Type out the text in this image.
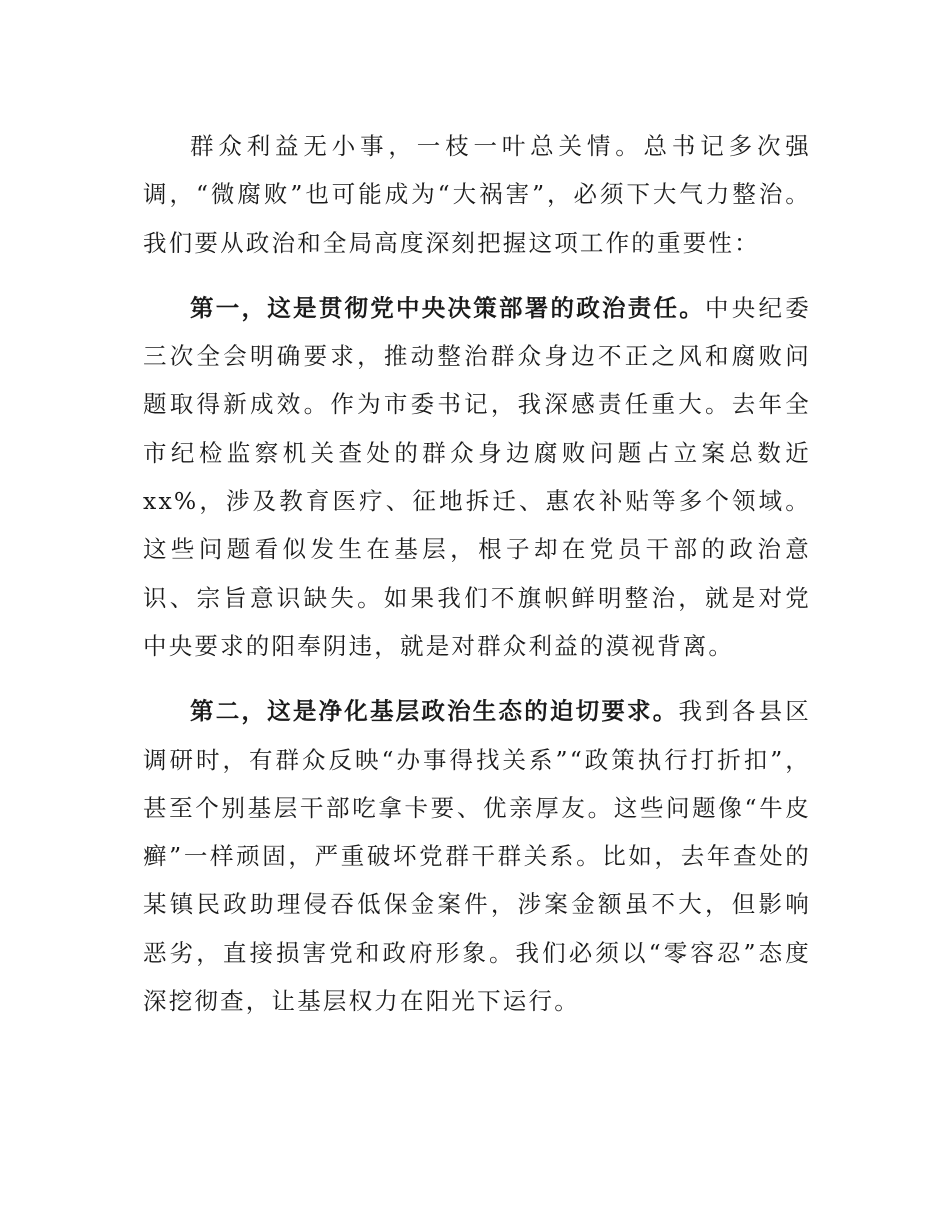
群众利益无小事，一枝一叶总关情。总书记多次强调，“微腐败”也可能成为“大祸害”，必须下大气力整治。我们要从政治和全局高度深刻把握这项工作的重要性：

第一，这是贯彻党中央决策部署的政治责任。中央纪委三次全会明确要求，推动整治群众身边不正之风和腐败问题取得新成效。作为市委书记，我深感责任重大。去年全市纪检监察机关查处的群众身边腐败问题占立案总数近xx%，涉及教育医疗、征地拆迁、惠农补贴等多个领域。这些问题看似发生在基层，根子却在党员干部的政治意识、宗旨意识缺失。如果我们不旗帜鲜明整治，就是对党中央要求的阳奉阴违，就是对群众利益的漠视背离。

第二，这是净化基层政治生态的迫切要求。我到各县区调研时，有群众反映“办事得找关系”“政策执行打折扣”，甚至个别基层干部吃拿卡要、优亲厚友。这些问题像“牛皮癣”一样顽固，严重破坏党群干群关系。比如，去年查处的某镇民政助理侵吞低保金案件，涉案金额虽不大，但影响恶劣，直接损害党和政府形象。我们必须以“零容忍”态度深挖彻查，让基层权力在阳光下运行。
